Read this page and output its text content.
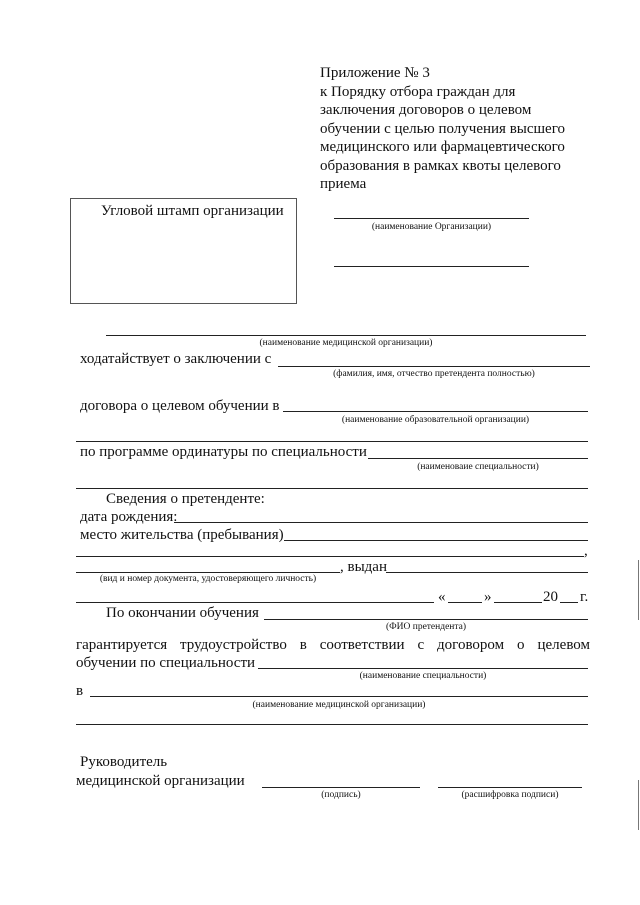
Приложение № 3
к Порядку отбора граждан для
заключения договоров о целевом
обучении с целью получения высшего
медицинского или фармацевтического
образования в рамках квоты целевого
приема
Угловой штамп организации
(наименование Организации)
(наименование медицинской организации)
ходатайствует о заключении с
(фамилия, имя, отчество претендента полностью)
договора о целевом обучении в
(наименование образовательной организации)
по программе ординатуры по специальности
(наименоваие специальности)
Сведения о претенденте:
дата рождения:
место жительства (пребывания)
,
, выдан
(вид и номер документа, удостоверяющего личность)
«	»	20 г.
По окончании обучения
(ФИО претендента)
гарантируется трудоустройство в соответствии с договором о целевом
обучении по специальности
(наименование специальности)
в
(наименование медицинской организации)
Руководитель
медицинской организации
(подпись)	(расшифровка подписи)
